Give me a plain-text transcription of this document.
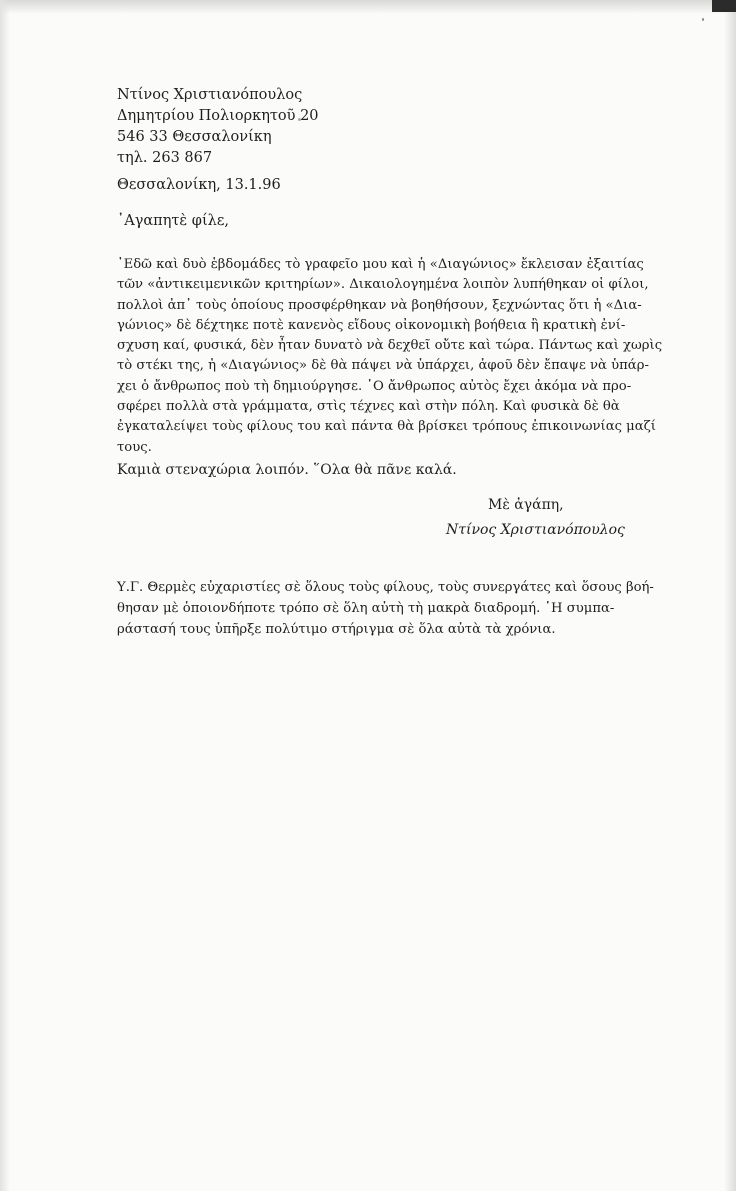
Ντίνος Χριστιανόπουλος
Δημητρίου Πολιορκητοῦ 20
546 33 Θεσσαλονίκη
τηλ. 263 867
Θεσσαλονίκη, 13.1.96
᾿Αγαπητὲ φίλε,
᾿Εδῶ καὶ δυὸ ἑβδομάδες τὸ γραφεῖο μου καὶ ἡ «Διαγώνιος» ἔκλεισαν ἐξαιτίας
τῶν «ἀντικειμενικῶν κριτηρίων». Δικαιολογημένα λοιπὸν λυπήθηκαν οἱ φίλοι,
πολλοὶ ἀπ᾿ τοὺς ὁποίους προσφέρθηκαν νὰ βοηθήσουν, ξεχνώντας ὅτι ἡ «Δια-
γώνιος» δὲ δέχτηκε ποτὲ κανενὸς εἴδους οἰκονομικὴ βοήθεια ἢ κρατικὴ ἐνί-
σχυση καί, φυσικά, δὲν ἦταν δυνατὸ νὰ δεχθεῖ οὔτε καὶ τώρα. Πάντως καὶ χωρὶς
τὸ στέκι της, ἡ «Διαγώνιος» δὲ θὰ πάψει νὰ ὑπάρχει, ἀφοῦ δὲν ἔπαψε νὰ ὑπάρ-
χει ὁ ἄνθρωπος ποὺ τὴ δημιούργησε. ῾Ο ἄνθρωπος αὐτὸς ἔχει ἀκόμα νὰ προ-
σφέρει πολλὰ στὰ γράμματα, στὶς τέχνες καὶ στὴν πόλη. Καὶ φυσικὰ δὲ θὰ
ἐγκαταλείψει τοὺς φίλους του καὶ πάντα θὰ βρίσκει τρόπους ἐπικοινωνίας μαζί
τους.
Καμιὰ στεναχώρια λοιπόν. ῞Ολα θὰ πᾶνε καλά.
Μὲ ἀγάπη,
Ντίνος Χριστιανόπουλος
Υ.Γ. Θερμὲς εὐχαριστίες σὲ ὅλους τοὺς φίλους, τοὺς συνεργάτες καὶ ὅσους βοή-
θησαν μὲ ὁποιονδήποτε τρόπο σὲ ὅλη αὐτὴ τὴ μακρὰ διαδρομή. ῾Η συμπα-
ράστασή τους ὑπῆρξε πολύτιμο στήριγμα σὲ ὅλα αὐτὰ τὰ χρόνια.
